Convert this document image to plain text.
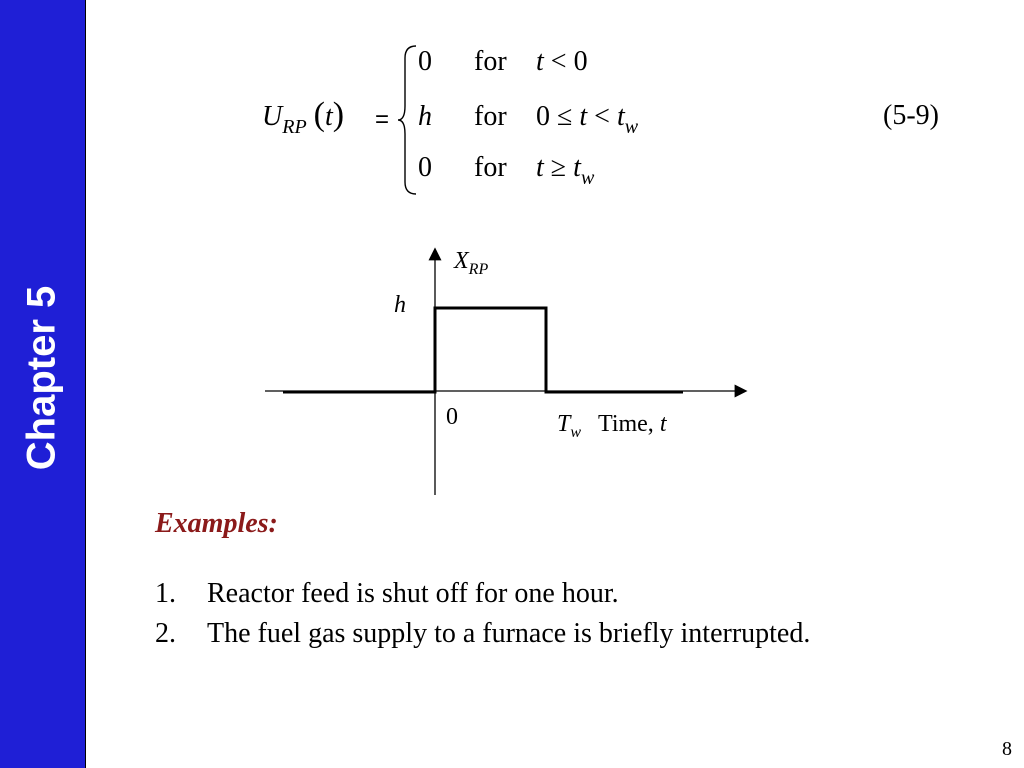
Chapter 5
$U_{RP}$ (t) =
0 for t < 0
h for $0 \le t < t_w$
0 for $t \ge t_w$
(5-9)
$X_{RP}$
h
0	$T_w$ Time, t
Examples:
1. Reactor feed is shut off for one hour.
2. The fuel gas supply to a furnace is briefly interrupted.
8
